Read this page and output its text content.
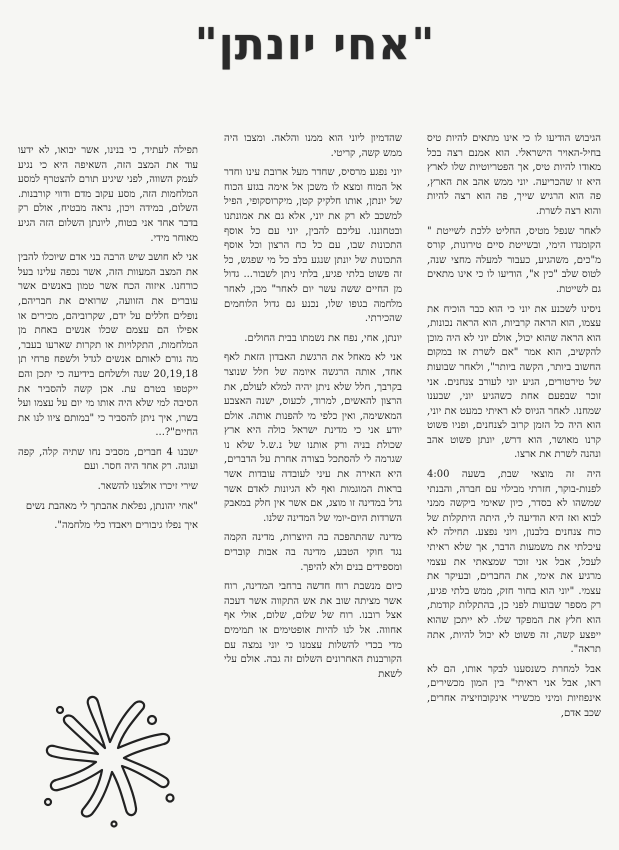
"אחי יונתן"

הגיבוש הודיעו לו כי אינו מתאים להיות טיס בחיל-האויר הישראלי. הוא אמנם רצה בכל מאודו להיות טיס, אך הפטריוטיות שלו לארץ היא זו שהכריעה. יוני ממש אהב את הארץ, פה הוא הרגיש שייך, פה הוא רצה להיות והוא רצה לשרת.

לאחר שנפל מטיס, החליט ללכת לשייטת " הקומנדו הימי, ובשייטת סיים טירונות, קורס מ"כים, משהגיע, כעבור למעלה מחצי שנה, לטוס שלב "כין א", הודיעו לו כי אינו מתאים גם לשייטת.

ניסינו לשכנע את יוני כי הוא כבר הוכיח את עצמו, הוא הראה קרביות, הוא הראה נכונות, הוא הראה שהוא יכול, אולם יוני לא היה מוכן להקשיב, הוא אמר "אם לשרת אז במקום החשוב ביותר, הקשה ביותר", ולאחר שבועות של טירטורים, הגיע יוני לעורב צנחנים. אני זוכר שבפעם אחת כשהגיע יוני, שבענו שמחנו. לאחר הגיוס לא ראיתי כמעט את יוני, הוא היה כל הזמן קרוב לצנחנים, ופניו פשוט קרנו מאושר, הוא דרש, יונתן פשוט אהב ונהנה לשרת את ארצו.

היה זה מוצאי שבת, בשעה 4:00 לפנות-בוקר, חזרתי מבילוי עם חברה, והבנתי שמשהו לא בסדר, כיון שאימי ביקשה ממני לבוא ואז היא הודיעה לי, היתה היתקלות של כוח צנחנים בלבנון, ויוני נפצע. תחילה לא עיכלתי את משמעות הדבר, אך שלא ראיתי לעכל, אבל אני זוכר שמצאתי את עצמי מרגיע את אימי, את החברים, ובעיקר את עצמי. "יוני הוא בחור חזק, ממש בלתי פגיע, רק מספר שבועות לפני כן, בהתקלות קודמת, הוא חלץ את המפקד שלו. לא ייתכן שהוא ייפצע קשה, זה פשוט לא יכול להיות, אתה תראה".

אבל למחרת כשנסענו לבקר אותו, הם לא ראו, אבל אני ראיתי" בין המון מכשירים, אינפוזיות ומיני מכשירי אינקובוזיציה אחרים, שכב אדם,

שהדמיון ליוני הוא ממנו והלאה. ומצבו היה ממש קשה, קריטי.

יוני נפגע מרסיס, שחדר מעל ארובת עינו וחדר אל המוח ומצא לו משכן אל אימה בגזע הכוח של יונתן, אותו חלקיק קטן, מיקרוסקופי, הפיל למשכב לא רק את יוני, אלא גם את אמונתנו ובטחוננו. עליכם להבין, יוני עם כל אוסף התכונות שבו, עם כל כח הרצון וכל אוסף התכונות של יונתן שנגע בלב כל מי שפגש, כל זה פשוט בלתי פגיע, בלתי ניתן לשבור... גדול מן החיים ששה עשר יום לאחר" מכן, לאחר מלחמה בגופו שלו, נכנע גם גדול הלוחמים שהכירתי.

יונתן, אחי, נפח את נשמתו בבית החולים.

אני לא מאחל את הרגשת האבדון הזאת לאף אחד, אותה הרגשה איומה של חלל שנוצר בקרבך, חלל שלא ניתן יהיה למלא לעולם, את הרצון להאשים, למרוד, לכעוס, ישנה האצבע המאשימה, ואין כלפי מי להפנות אותה. אולם יודע אני כי מדינת ישראל כולה היא ארץ שכולת בניה ורק אותנו של נ.ש.ל שלא נו שגרמה לי להסתכל בצורה אחרת על הדברים, היא האירה את עיני לעובדה עובדות אשר בראות המוגמות ואף לא הגיונות לאדם אשר גדל במדינה זו מוצג, אם אשר אין חלק במאבק השרדות היום-יומי של המדינה שלנו.

מדינה שהתהפכה בה היוצרות, מדינה הקמה נגד חוקי הטבע, מדינה בה אבות קוברים ומספידים בנים ולא להיפך.

כיום מנשבת רוח חדשה ברחבי המדינה, רוח אשר מציתה שוב את אש התקווה אשר דעכה אצל רובנו. רוח של שלום, שלום, אולי אף אחווה. אל לנו להיות אופטימים או תמימים מדי בכדי להשלות עצמנו כי יוני נמצה עם הקורבנות האחרונים השלום זה גבה. אולם עלי לשאת

תפילה לעתיד, כי בנינו, אשר יבואו, לא ידעו עוד את המצב הזה, השאיפה היא כי נגיע לעמק השווה, לפני שיגיע תורם להצטרף למסע המלחמות הזה, מסע עקוב מדם ודווי קורבנות. השלום, במידה ויכון, נראה מבטיח, אולם רק בדבר אחד אני בטוח, ליונתן השלום הזה הגיע מאוחר מידי.

אני לא חושב שיש הרבה בני אדם שיוכלו להבין את המצב המעוות הזה, אשר נכפה עלינו בעל כורחנו. איזוה הכח אשר טמון באנשים אשר עוברים את הזוועה, שרואים את חבריהם, נופלים חללים על ידם, שקרוביהם, מכירים או אפילו הם עצמם שכלו אנשים באחת מן המלחמות, התקלויות או תקרות שארעו בעבר, מה גורם לאותם אנשים לגדל ולשפח פרחי תן 20,19,18 שנה ולשלחם בידיעה כי יתכן והם ייקטפו בטרם עת. אכן קשה להסביר את הסיבה למי שלא היה אותו מי יום על עצמו ועל בשרו, איך ניתן להסביר כי "במותם ציוו לנו את החיים"?...

ישבנו 4 חברים, מסביב נחו שתיה קלה, קפה ועוגה. רק אחד היה חסר. ועם

שירי זיכרו אולצנו להשאר.

"אחי יהונתן, נפלאת אהבתך לי מאהבת נשים

איך נפלו גיבורים ויאבדו כלי מלחמה".
